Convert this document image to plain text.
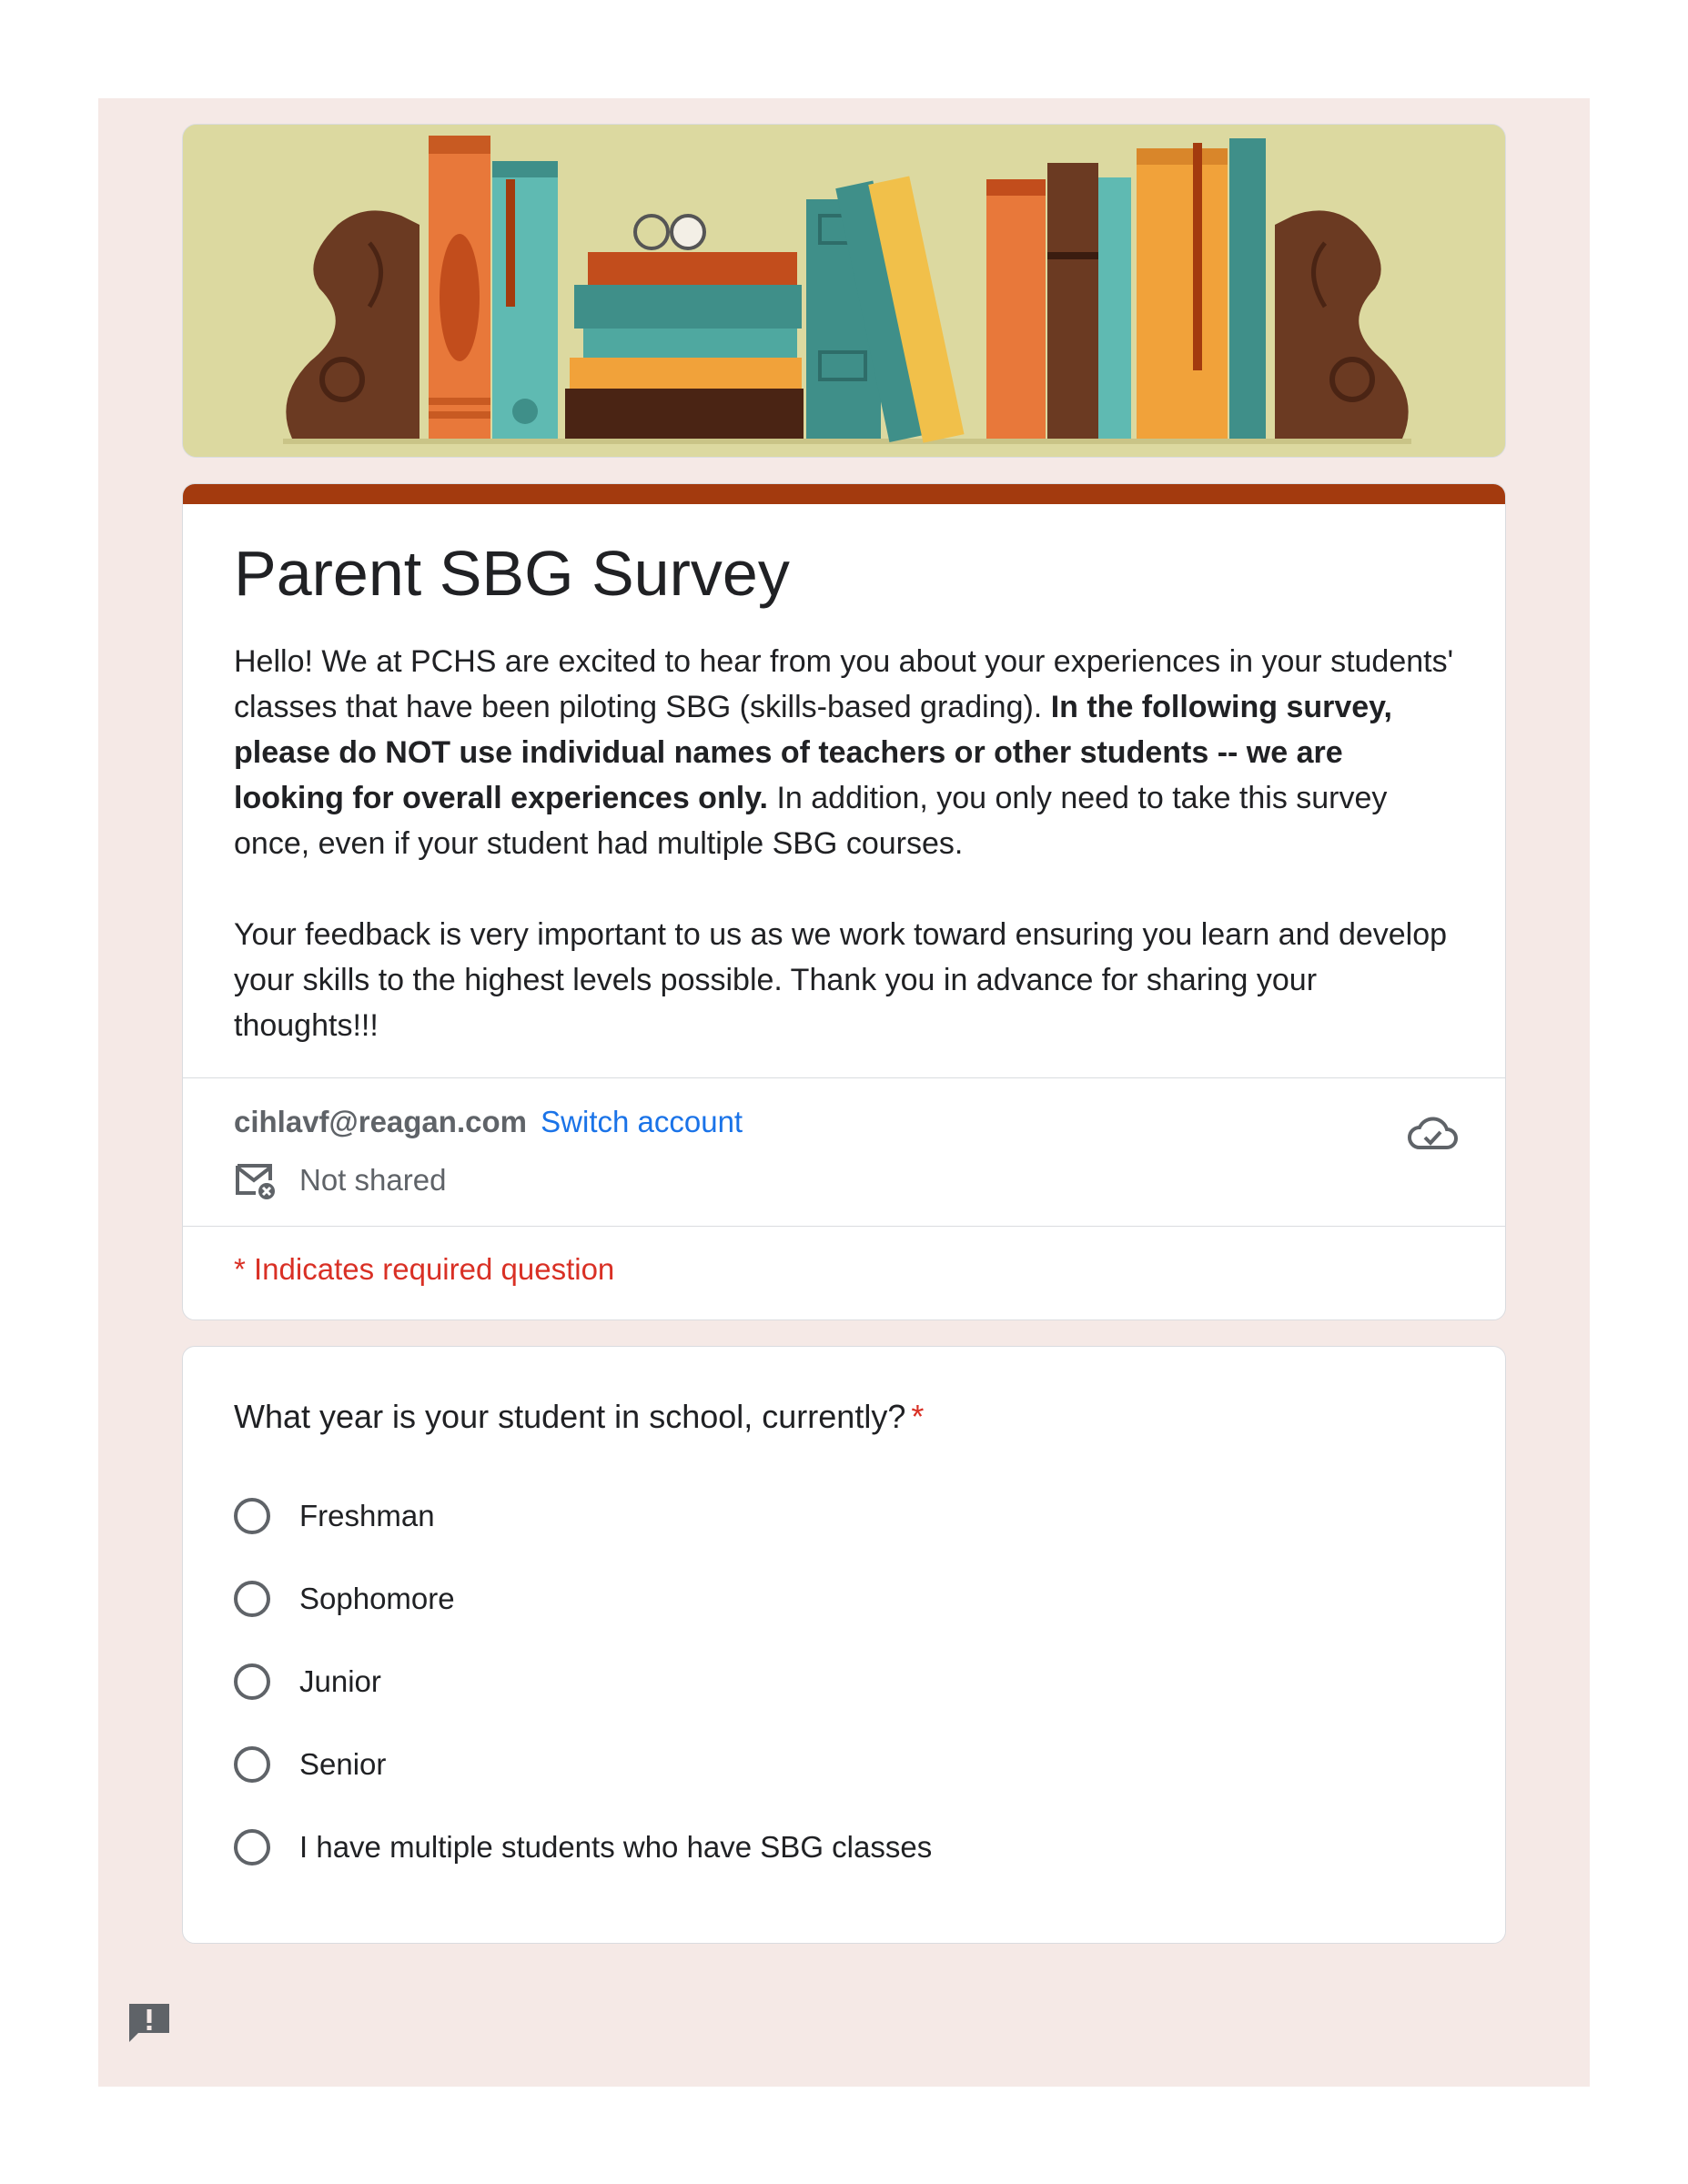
Parent SBG Survey

Hello! We at PCHS are excited to hear from you about your experiences in your students' classes that have been piloting SBG (skills-based grading). In the following survey, please do NOT use individual names of teachers or other students -- we are looking for overall experiences only. In addition, you only need to take this survey once, even if your student had multiple SBG courses.

Your feedback is very important to us as we work toward ensuring you learn and develop your skills to the highest levels possible. Thank you in advance for sharing your thoughts!!!

cihlavf@reagan.com Switch account
Not shared
* Indicates required question
What year is your student in school, currently? *
Freshman
Sophomore
Junior
Senior
I have multiple students who have SBG classes
